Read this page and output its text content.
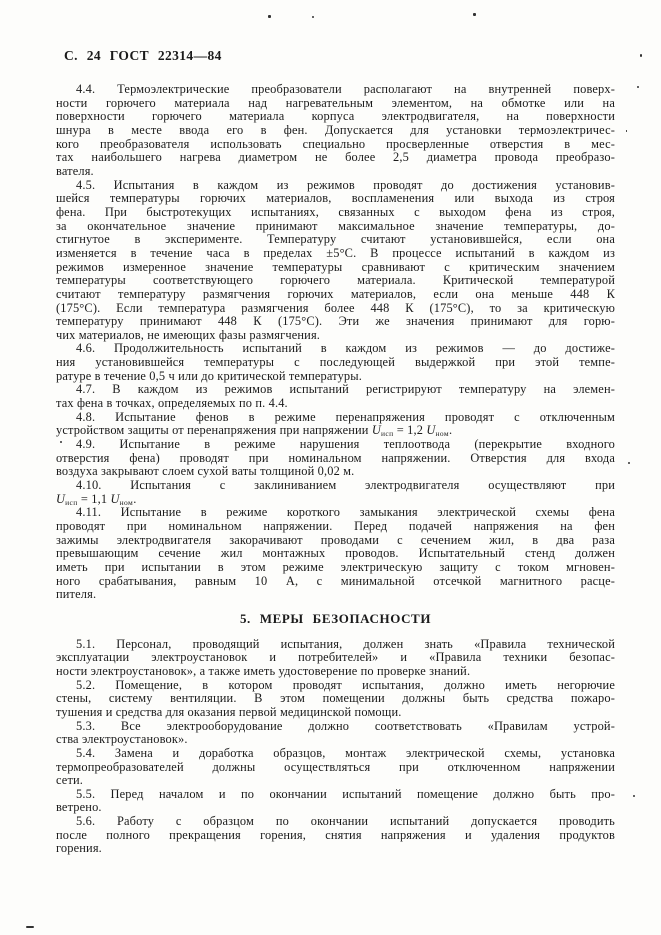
С. 24 ГОСТ 22314—84
4.4. Термоэлектрические преобразователи располагают на внутренней поверх-
ности горючего материала над нагревательным элементом, на обмотке или на
поверхности горючего материала корпуса электродвигателя, на поверхности
шнура в месте ввода его в фен. Допускается для установки термоэлектричес-
кого преобразователя использовать специально просверленные отверстия в мес-
тах наибольшего нагрева диаметром не более 2,5 диаметра провода преобразо-
вателя.
4.5. Испытания в каждом из режимов проводят до достижения установив-
шейся температуры горючих материалов, воспламенения или выхода из строя
фена. При быстротекущих испытаниях, связанных с выходом фена из строя,
за окончательное значение принимают максимальное значение температуры, до-
стигнутое в эксперименте. Температуру считают установившейся, если она
изменяется в течение часа в пределах ±5°С. В процессе испытаний в каждом из
режимов измеренное значение температуры сравнивают с критическим значением
температуры соответствующего горючего материала. Критической температурой
считают температуру размягчения горючих материалов, если она меньше 448 К
(175°С). Если температура размягчения более 448 К (175°С), то за критическую
температуру принимают 448 К (175°С). Эти же значения принимают для горю-
чих материалов, не имеющих фазы размягчения.
4.6. Продолжительность испытаний в каждом из режимов — до достиже-
ния установившейся температуры с последующей выдержкой при этой темпе-
ратуре в течение 0,5 ч или до критической температуры.
4.7. В каждом из режимов испытаний регистрируют температуру на элемен-
тах фена в точках, определяемых по п. 4.4.
4.8. Испытание фенов в режиме перенапряжения проводят с отключенным
устройством защиты от перенапряжения при напряжении $U_{исп} = 1,2$ $U_{ном}$.
4.9. Испытание в режиме нарушения теплоотвода (перекрытие входного
отверстия фена) проводят при номинальном напряжении. Отверстия для входа
воздуха закрывают слоем сухой ваты толщиной 0,02 м.
4.10. Испытания с заклиниванием электродвигателя осуществляют при
$U_{исп} = 1,1$ $U_{ном}$.
4.11. Испытание в режиме короткого замыкания электрической схемы фена
проводят при номинальном напряжении. Перед подачей напряжения на фен
зажимы электродвигателя закорачивают проводами с сечением жил, в два раза
превышающим сечение жил монтажных проводов. Испытательный стенд должен
иметь при испытании в этом режиме электрическую защиту с током мгновен-
ного срабатывания, равным 10 А, с минимальной отсечкой магнитного расце-
пителя.
5. МЕРЫ БЕЗОПАСНОСТИ
5.1. Персонал, проводящий испытания, должен знать «Правила технической
эксплуатации электроустановок и потребителей» и «Правила техники безопас-
ности электроустановок», а также иметь удостоверение по проверке знаний.
5.2. Помещение, в котором проводят испытания, должно иметь негорючие
стены, систему вентиляции. В этом помещении должны быть средства пожаро-
тушения и средства для оказания первой медицинской помощи.
5.3. Все электрооборудование должно соответствовать «Правилам устрой-
ства электроустановок».
5.4. Замена и доработка образцов, монтаж электрической схемы, установка
термопреобразователей должны осуществляться при отключенном напряжении
сети.
5.5. Перед началом и по окончании испытаний помещение должно быть про-
ветрено.
5.6. Работу с образцом по окончании испытаний допускается проводить
после полного прекращения горения, снятия напряжения и удаления продуктов
горения.
